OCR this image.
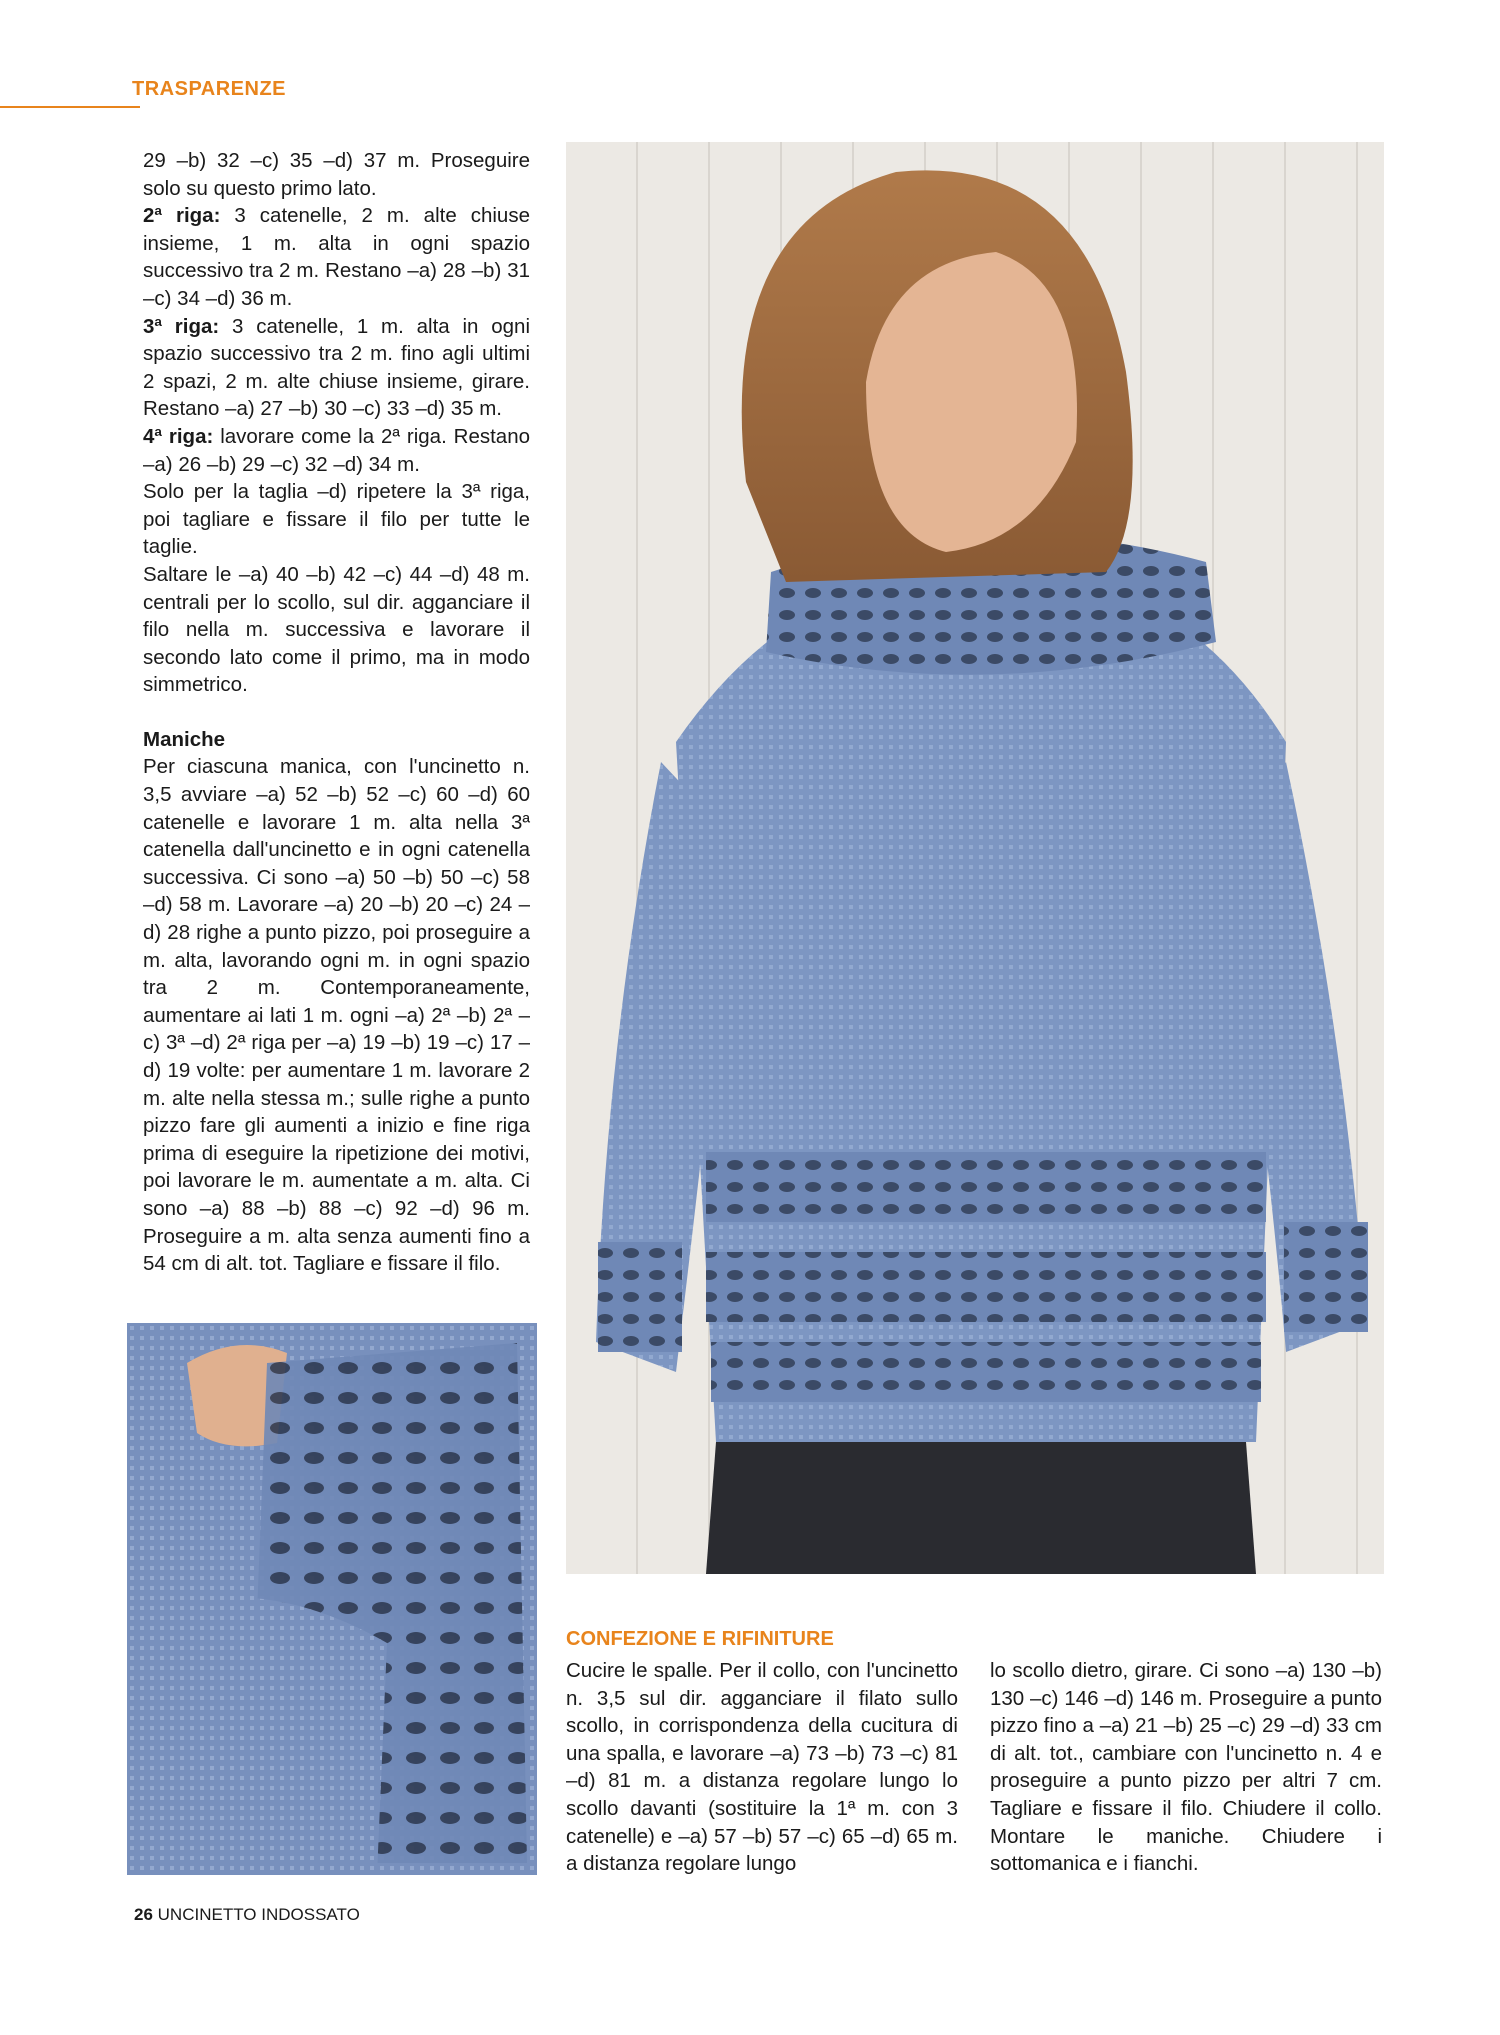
TRASPARENZE

29 –b) 32 –c) 35 –d) 37 m. Proseguire solo su questo primo lato.

2ª riga: 3 catenelle, 2 m. alte chiuse insieme, 1 m. alta in ogni spazio successivo tra 2 m. Restano –a) 28 –b) 31 –c) 34 –d) 36 m.

3ª riga: 3 catenelle, 1 m. alta in ogni spazio successivo tra 2 m. fino agli ultimi 2 spazi, 2 m. alte chiuse insieme, girare. Restano –a) 27 –b) 30 –c) 33 –d) 35 m.

4ª riga: lavorare come la 2ª riga. Restano –a) 26 –b) 29 –c) 32 –d) 34 m.

Solo per la taglia –d) ripetere la 3ª riga, poi tagliare e fissare il filo per tutte le taglie.

Saltare le –a) 40 –b) 42 –c) 44 –d) 48 m. centrali per lo scollo, sul dir. agganciare il filo nella m. successiva e lavorare il secondo lato come il primo, ma in modo simmetrico.

Maniche

Per ciascuna manica, con l'uncinetto n. 3,5 avviare –a) 52 –b) 52 –c) 60 –d) 60 catenelle e lavorare 1 m. alta nella 3ª catenella dall'uncinetto e in ogni catenella successiva. Ci sono –a) 50 –b) 50 –c) 58 –d) 58 m. Lavorare –a) 20 –b) 20 –c) 24 –d) 28 righe a punto pizzo, poi proseguire a m. alta, lavorando ogni m. in ogni spazio tra 2 m. Contemporaneamente, aumentare ai lati 1 m. ogni –a) 2ª –b) 2ª –c) 3ª –d) 2ª riga per –a) 19 –b) 19 –c) 17 –d) 19 volte: per aumentare 1 m. lavorare 2 m. alte nella stessa m.; sulle righe a punto pizzo fare gli aumenti a inizio e fine riga prima di eseguire la ripetizione dei motivi, poi lavorare le m. aumentate a m. alta. Ci sono –a) 88 –b) 88 –c) 92 –d) 96 m. Proseguire a m. alta senza aumenti fino a 54 cm di alt. tot. Tagliare e fissare il filo.

CONFEZIONE E RIFINITURE

Cucire le spalle. Per il collo, con l'uncinetto n. 3,5 sul dir. agganciare il filato sullo scollo, in corrispondenza della cucitura di una spalla, e lavorare –a) 73 –b) 73 –c) 81 –d) 81 m. a distanza regolare lungo lo scollo davanti (sostituire la 1ª m. con 3 catenelle) e –a) 57 –b) 57 –c) 65 –d) 65 m. a distanza regolare lungo

lo scollo dietro, girare. Ci sono –a) 130 –b) 130 –c) 146 –d) 146 m. Proseguire a punto pizzo fino a –a) 21 –b) 25 –c) 29 –d) 33 cm di alt. tot., cambiare con l'uncinetto n. 4 e proseguire a punto pizzo per altri 7 cm. Tagliare e fissare il filo. Chiudere il collo. Montare le maniche. Chiudere i sottomanica e i fianchi.

26 UNCINETTO INDOSSATO
